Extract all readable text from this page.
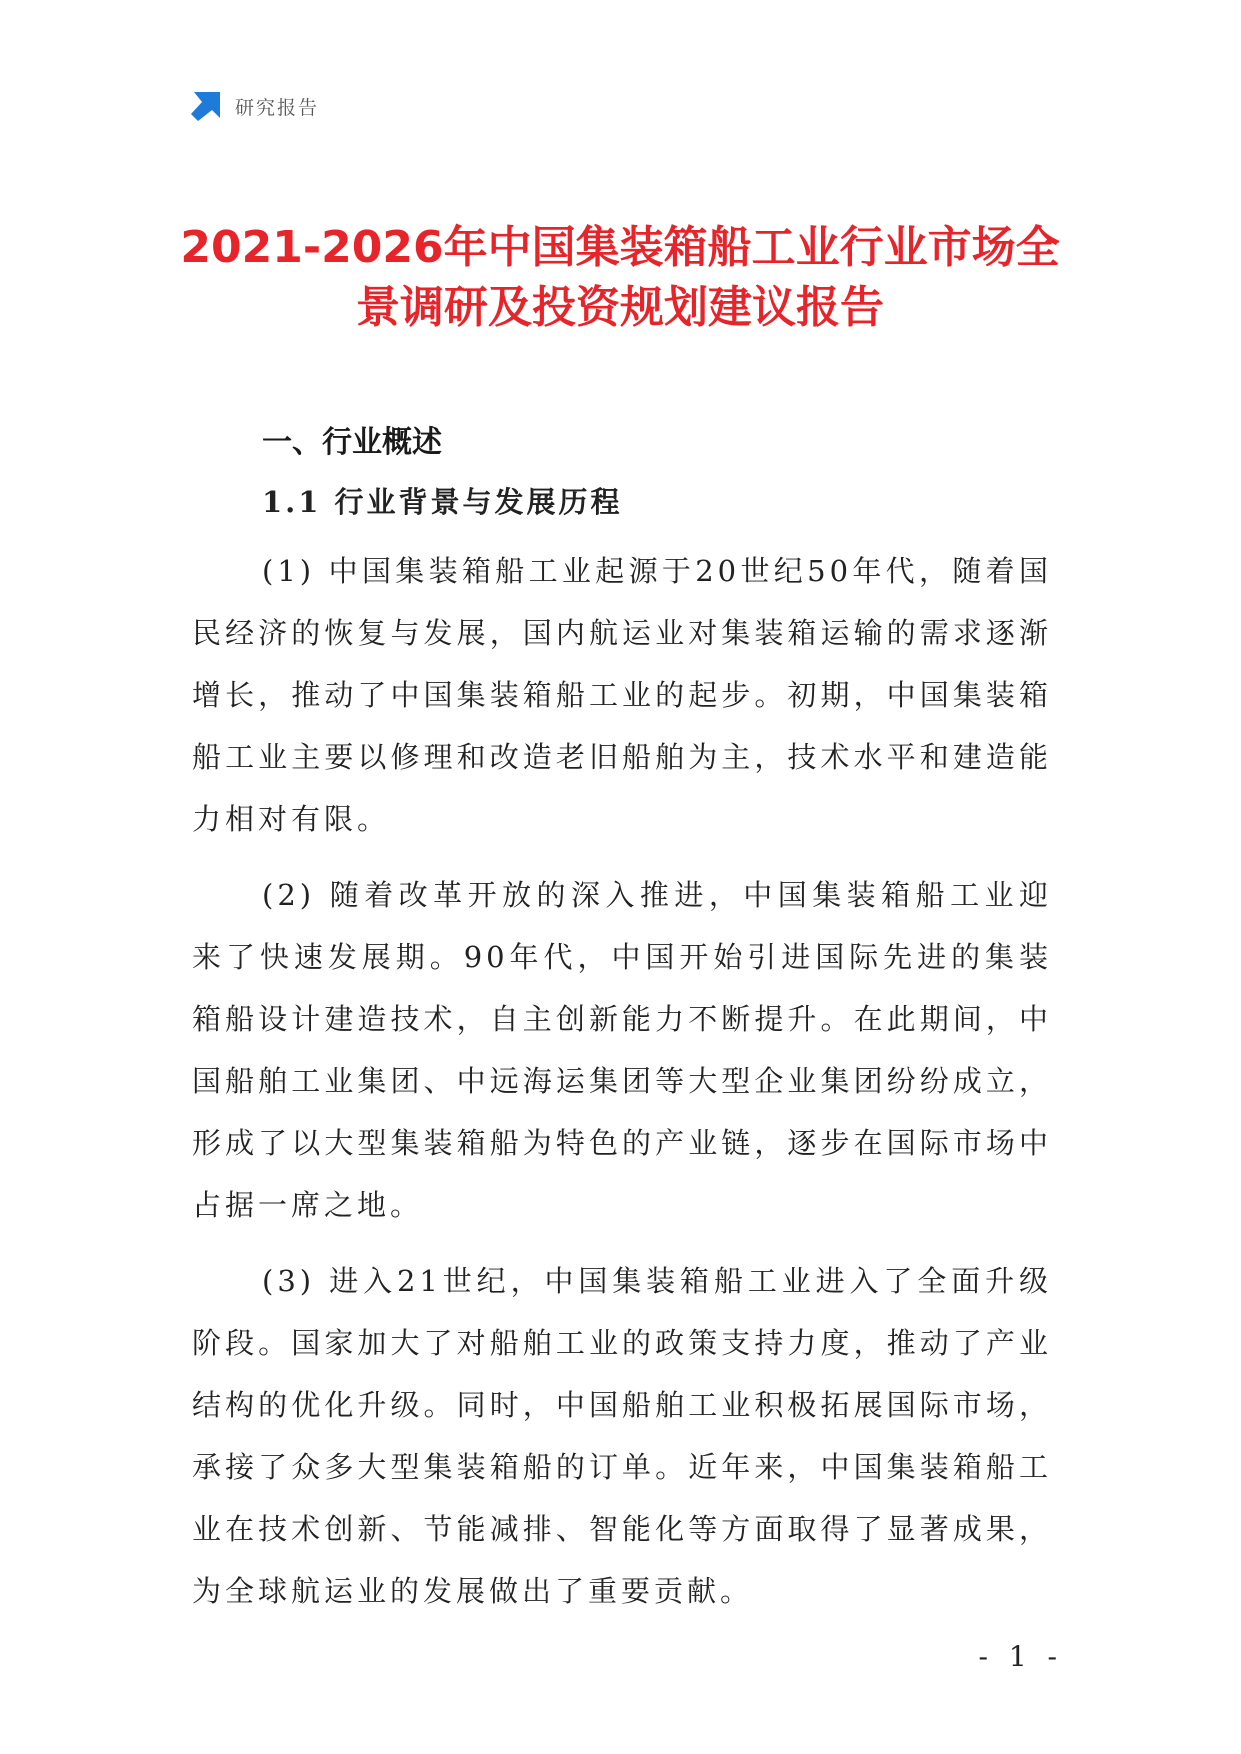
研究报告
2021-2026年中国集装箱船工业行业市场全景调研及投资规划建议报告
一、行业概述
1.1 行业背景与发展历程

(1) 中国集装箱船工业起源于20世纪50年代，随着国民经济的恢复与发展，国内航运业对集装箱运输的需求逐渐增长，推动了中国集装箱船工业的起步。初期，中国集装箱船工业主要以修理和改造老旧船舶为主，技术水平和建造能力相对有限。

(2) 随着改革开放的深入推进，中国集装箱船工业迎来了快速发展期。90年代，中国开始引进国际先进的集装箱船设计建造技术，自主创新能力不断提升。在此期间，中国船舶工业集团、中远海运集团等大型企业集团纷纷成立，形成了以大型集装箱船为特色的产业链，逐步在国际市场中占据一席之地。

(3) 进入21世纪，中国集装箱船工业进入了全面升级阶段。国家加大了对船舶工业的政策支持力度，推动了产业结构的优化升级。同时，中国船舶工业积极拓展国际市场，承接了众多大型集装箱船的订单。近年来，中国集装箱船工业在技术创新、节能减排、智能化等方面取得了显著成果，为全球航运业的发展做出了重要贡献。

- 1 -
